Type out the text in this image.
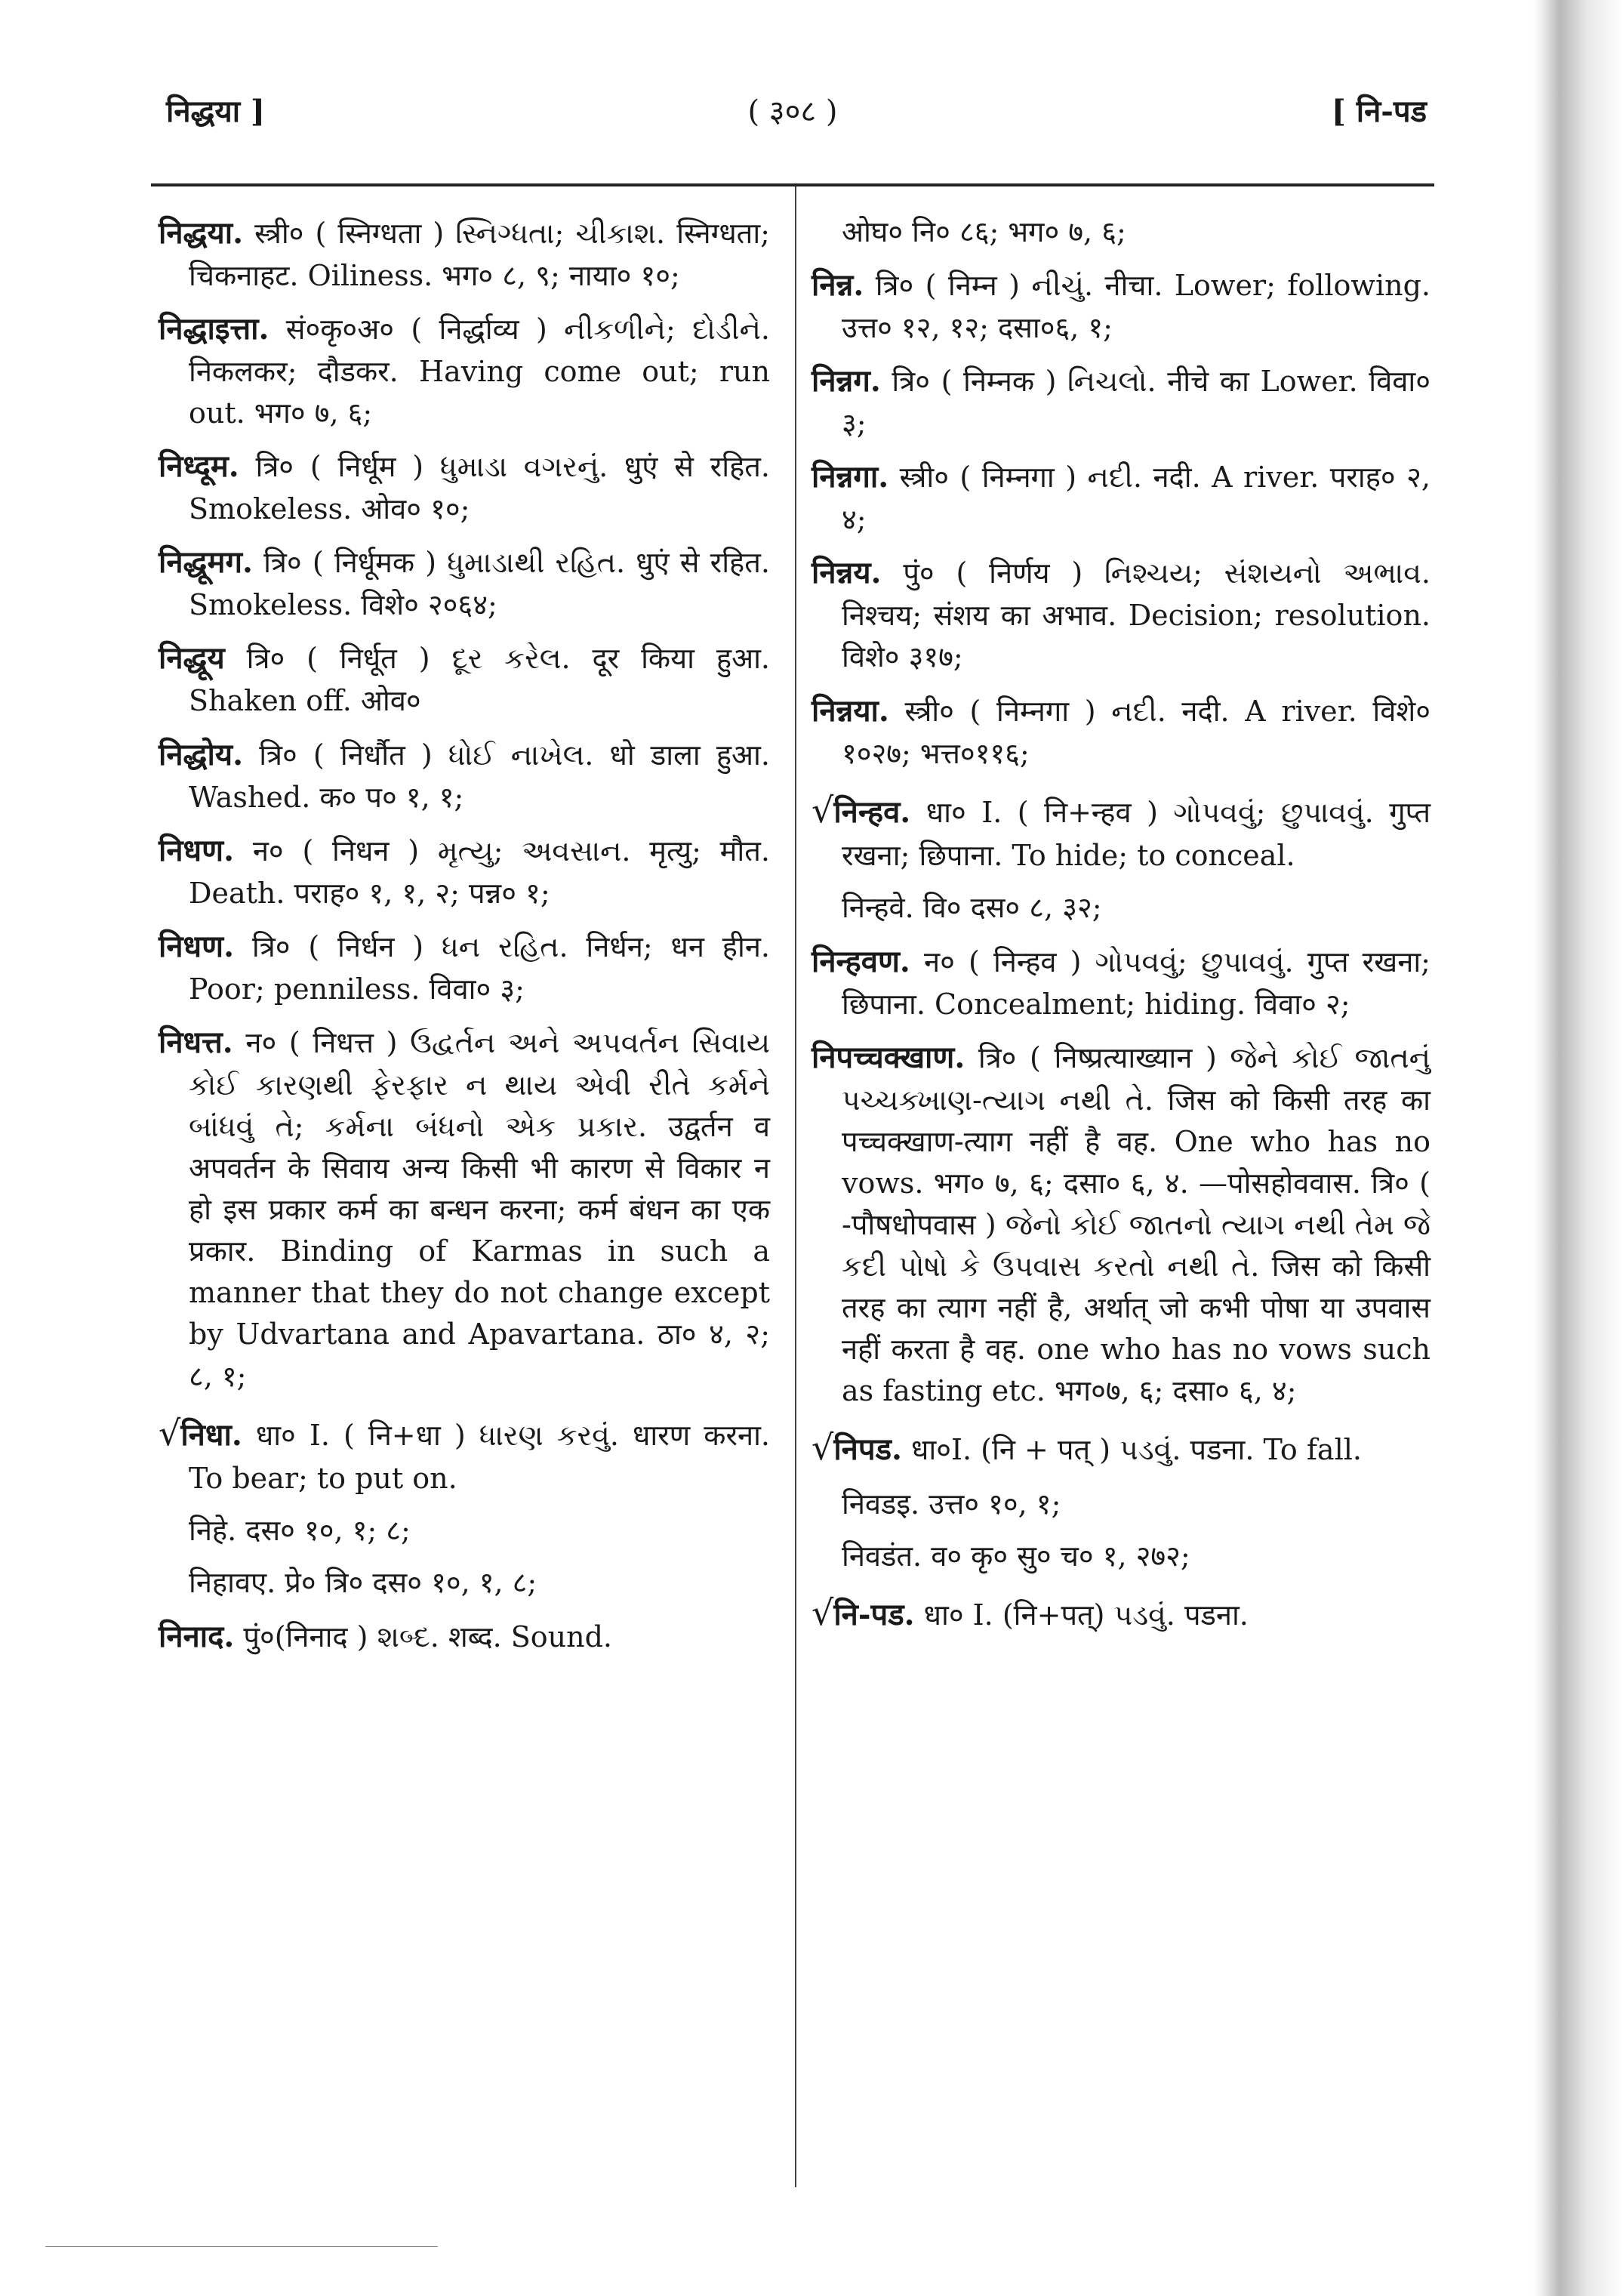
निद्धया ]	( ३०८ )	[ नि-पड

निद्धया. स्त्री० ( स्निग्धता ) સ્નિગ્ધતા; ચીકાશ. स्निग्धता; चिकनाहट. Oiliness. भग० ८, ९; नाया० १०;

निद्धाइत्ता. सं०कृ०अ० ( निर्द्धाव्य ) નીકળીને; દોડીને. निकलकर; दौडकर. Having come out; run out. भग० ७, ६;

निध्दूम. त्रि० ( निर्धूम ) ધુમાડા વગરનું. धुएं से रहित. Smokeless. ओव० १०;

निद्धूमग. त्रि० ( निर्धूमक ) ધુમાડાથી રહિત. धुएं से रहित. Smokeless. विशे० २०६४;

निद्धूय त्रि० ( निर्धूत ) દૂર કરેલ. दूर किया हुआ. Shaken off. ओव०

निद्धोय. त्रि० ( निर्धौत ) ધોઈ નાખેલ. धो डाला हुआ. Washed. क० प० १, १;

निधण. न० ( निधन ) મૃત્યુ; અવસાન. मृत्यु; मौत. Death. पराह० १, १, २; पन्न० १;

निधण. त्रि० ( निर्धन ) ધન રહિત. निर्धन; धन हीन. Poor; penniless. विवा० ३;

निधत्त. न० ( निधत्त ) ઉદ્વર્તન અને અપવર્તન સિવાય કોઈ કારણથી ફેરફાર ન થાય એવી રીતે કર્મને બાંધવું તે; કર્મના બંધનો એક પ્રકાર. उद्वर्तन व अपवर्तन के सिवाय अन्य किसी भी कारण से विकार न हो इस प्रकार कर्म का बन्धन करना; कर्म बंधन का एक प्रकार. Binding of Karmas in such a manner that they do not change except by Udvartana and Apavartana. ठा० ४, २; ८, १;

√निधा. धा० I. ( नि+धा ) ધારણ કરવું. धारण करना. To bear; to put on.

निहे. दस० १०, १; ८;

निहावए. प्रे० त्रि० दस० १०, १, ८;

निनाद. पुं०(निनाद ) શબ્દ. शब्द. Sound.

ओघ० नि० ८६; भग० ७, ६;

निन्न. त्रि० ( निम्न ) નીચું. नीचा. Lower; following. उत्त० १२, १२; दसा०६, १;

निन्नग. त्रि० ( निम्नक ) નિચલો. नीचे का Lower. विवा० ३;

निन्नगा. स्त्री० ( निम्नगा ) નદી. नदी. A river. पराह० २, ४;

निन्नय. पुं० ( निर्णय ) નિશ્ચય; સંશયનો અભાવ. निश्चय; संशय का अभाव. Decision; resolution. विशे० ३१७;

निन्नया. स्त्री० ( निम्नगा ) નદી. नदी. A river. विशे० १०२७; भत्त०११६;

√निन्हव. धा० I. ( नि+न्हव ) ગોપવવું; છુપાવવું. गुप्त रखना; छिपाना. To hide; to conceal.

निन्हवे. वि० दस० ८, ३२;

निन्हवण. न० ( निन्हव ) ગોપવવું; છુપાવવું. गुप्त रखना; छिपाना. Concealment; hiding. विवा० २;

निपच्चक्खाण. त्रि० ( निष्प्रत्याख्यान ) જેને કોઈ જાતનું પચ્ચક્ખાણ-ત્યાગ નથી તે. जिस को किसी तरह का पच्चक्खाण-त्याग नहीं है वह. One who has no vows. भग० ७, ६; दसा० ६, ४. —पोसहोववास. त्रि० ( -पौषधोपवास ) જેનો કોઈ જાતનો ત્યાગ નથી તેમ જે કદી પોષો કે ઉપવાસ કરતો નથી તે. जिस को किसी तरह का त्याग नहीं है, अर्थात् जो कभी पोषा या उपवास नहीं करता है वह. one who has no vows such as fasting etc. भग०७, ६; दसा० ६, ४;

√निपड. धा०I. (नि + पत् ) પડવું. पडना. To fall.

निवडइ. उत्त० १०, १;

निवडंत. व० कृ० सु० च० १, २७२;

√नि-पड. धा० I. (नि+पत्) પડવું. पडना.
